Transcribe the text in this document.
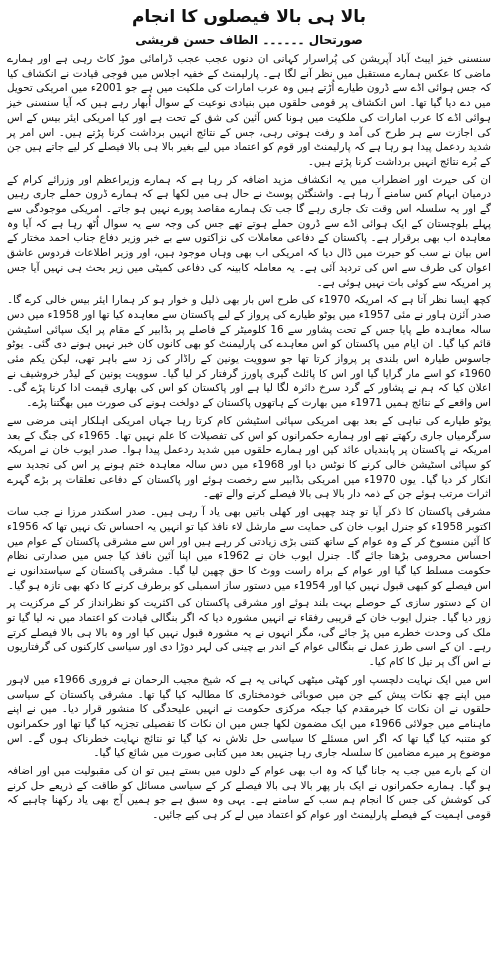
بالا ہی بالا فیصلوں کا انجام
صورتحال ۔۔۔۔۔۔ الطاف حسن قریشی

سنسنی خیز ایبٹ آباد آپریشن کی پُراسرار کہانی ان دنوں عجب عجب ڈرامائی موڑ کاٹ رہی ہے اور ہمارے ماضی کا عکس ہمارے مستقبل میں نظر آنے لگا ہے۔ پارلیمنٹ کے خفیہ اجلاس میں فوجی قیادت نے انکشاف کیا کہ جس ہوائی اڈے سے ڈرون طیارے اُڑتے ہیں وہ عرب امارات کی ملکیت میں ہے جو 2001ء میں امریکی تحویل میں دے دیا گیا تھا۔ اس انکشاف پر قومی حلقوں میں بنیادی نوعیت کے سوال اُبھار رہے ہیں کہ آیا سنسنی خیز ہوائی اڈے کا عرب امارات کی ملکیت میں ہونا کس آئین کی شق کے تحت ہے اور کیا امریکی ایئر بیس کے اس کی اجازت سے ہر طرح کی آمد و رفت ہوتی رہی، جس کے نتائج انہیں برداشت کرنا پڑتے ہیں۔ اس امر پر شدید ردعمل پیدا ہو رہا ہے کہ پارلیمنٹ اور قوم کو اعتماد میں لیے بغیر بالا ہی بالا فیصلے کر لیے جاتے ہیں جن کے بُرے نتائج انہیں برداشت کرنا پڑتے ہیں۔

ان کی حیرت اور اضطراب میں یہ انکشاف مزید اضافہ کر رہا ہے کہ ہمارے وزیراعظم اور وزرائے کرام کے درمیان ابہام کس سامنے آ رہا ہے۔ واشنگٹن پوسٹ نے حال ہی میں لکھا ہے کہ ہمارے ڈرون حملے جاری رہیں گے اور یہ سلسلہ اس وقت تک جاری رہے گا جب تک ہمارے مقاصد پورے نہیں ہو جاتے۔ امریکی موجودگی سے پہلے بلوچستان کے ایک ہوائی اڈے سے ڈرون حملے ہوتے تھے جس کی وجہ سے یہ سوال اُٹھ رہا ہے کہ آیا وہ معاہدہ اب بھی برقرار ہے۔ پاکستان کے دفاعی معاملات کی نزاکتوں سے بے خبر وزیر دفاع جناب احمد مختار کے اس بیان نے سب کو حیرت میں ڈال دیا کہ امریکی اب بھی وہاں موجود ہیں، اور وزیر اطلاعات فردوس عاشق اعوان کی طرف سے اس کی تردید آئی ہے۔ یہ معاملہ کابینہ کی دفاعی کمیٹی میں زیر بحث ہی نہیں آیا جس پر امریکہ سے کوئی بات نہیں ہوئی ہے۔

کچھ ایسا نظر آتا ہے کہ امریکہ 1970ء کی طرح اس بار بھی ذلیل و خوار ہو کر ہمارا ایئر بیس خالی کرے گا۔ صدر آئزن ہاور نے مئی 1957ء میں یوٹو طیارے کی پرواز کے لیے پاکستان سے معاہدہ کیا تھا اور 1958ء میں دس سالہ معاہدہ طے پایا جس کے تحت پشاور سے 16 کلومیٹر کے فاصلے پر بڈابیر کے مقام پر ایک سپائی اسٹیشن قائم کیا گیا۔ ان ایام میں پاکستان کو اس معاہدے کی پارلیمنٹ کو بھی کانوں کان خبر نہیں ہونے دی گئی۔ یوٹو جاسوس طیارہ اس بلندی پر پرواز کرتا تھا جو سوویت یونین کے راڈار کی زد سے باہر تھی، لیکن یکم مئی 1960ء کو اسے مار گرایا گیا اور اس کا پائلٹ گیری پاورز گرفتار کر لیا گیا۔ سوویت یونین کے لیڈر خروشیف نے اعلان کیا کہ ہم نے پشاور کے گرد سرخ دائرہ لگا لیا ہے اور پاکستان کو اس کی بھاری قیمت ادا کرنا پڑے گی۔ اس واقعے کے نتائج ہمیں 1971ء میں بھارت کے ہاتھوں پاکستان کے دولخت ہونے کی صورت میں بھگتنا پڑے۔

یوٹو طیارے کی تباہی کے بعد بھی امریکی سپائی اسٹیشن کام کرتا رہا جہاں امریکی اہلکار اپنی مرضی سے سرگرمیاں جاری رکھتے تھے اور ہمارے حکمرانوں کو اس کی تفصیلات کا علم نہیں تھا۔ 1965ء کی جنگ کے بعد امریکہ نے پاکستان پر پابندیاں عائد کیں اور ہمارے حلقوں میں شدید ردعمل پیدا ہوا۔ صدر ایوب خان نے امریکہ کو سپائی اسٹیشن خالی کرنے کا نوٹس دیا اور 1968ء میں دس سالہ معاہدہ ختم ہونے پر اس کی تجدید سے انکار کر دیا گیا۔ یوں 1970ء میں امریکی بڈابیر سے رخصت ہوئے اور پاکستان کے دفاعی تعلقات پر بڑے گہرے اثرات مرتب ہوئے جن کے ذمہ دار بالا ہی بالا فیصلے کرنے والے تھے۔

مشرقی پاکستان کا ذکر آیا تو چند چھپی اور کھلی باتیں بھی یاد آ رہی ہیں۔ صدر اسکندر مرزا نے جب سات اکتوبر 1958ء کو جنرل ایوب خان کی حمایت سے مارشل لاء نافذ کیا تو انہیں یہ احساس تک نہیں تھا کہ 1956ء کا آئین منسوخ کر کے وہ عوام کے ساتھ کتنی بڑی زیادتی کر رہے ہیں اور اس سے مشرقی پاکستان کے عوام میں احساس محرومی بڑھتا جائے گا۔ جنرل ایوب خان نے 1962ء میں اپنا آئین نافذ کیا جس میں صدارتی نظام حکومت مسلط کیا گیا اور عوام کے براہ راست ووٹ کا حق چھین لیا گیا۔ مشرقی پاکستان کے سیاستدانوں نے اس فیصلے کو کبھی قبول نہیں کیا اور 1954ء میں دستور ساز اسمبلی کو برطرف کرنے کا دکھ بھی تازہ ہو گیا۔

ان کے دستور سازی کے حوصلے بہت بلند ہوئے اور مشرقی پاکستان کی اکثریت کو نظرانداز کر کے مرکزیت پر زور دیا گیا۔ جنرل ایوب خان کے قریبی رفقاء نے انہیں مشورہ دیا کہ اگر بنگالی قیادت کو اعتماد میں نہ لیا گیا تو ملک کی وحدت خطرے میں پڑ جائے گی، مگر انہوں نے یہ مشورہ قبول نہیں کیا اور وہ بالا ہی بالا فیصلے کرتے رہے۔ ان کے اسی طرز عمل نے بنگالی عوام کے اندر بے چینی کی لہر دوڑا دی اور سیاسی کارکنوں کی گرفتاریوں نے اس آگ پر تیل کا کام کیا۔

اس میں ایک نہایت دلچسپ اور کھٹی میٹھی کہانی یہ ہے کہ شیخ مجیب الرحمان نے فروری 1966ء میں لاہور میں اپنے چھ نکات پیش کیے جن میں صوبائی خودمختاری کا مطالبہ کیا گیا تھا۔ مشرقی پاکستان کے سیاسی حلقوں نے ان نکات کا خیرمقدم کیا جبکہ مرکزی حکومت نے انہیں علیحدگی کا منشور قرار دیا۔ میں نے اپنے ماہنامے میں جولائی 1966ء میں ایک مضمون لکھا جس میں ان نکات کا تفصیلی تجزیہ کیا گیا تھا اور حکمرانوں کو متنبہ کیا گیا تھا کہ اگر اس مسئلے کا سیاسی حل تلاش نہ کیا گیا تو نتائج نہایت خطرناک ہوں گے۔ اس موضوع پر میرے مضامین کا سلسلہ جاری رہا جنہیں بعد میں کتابی صورت میں شائع کیا گیا۔

ان کے بارے میں جب یہ جانا گیا کہ وہ اب بھی عوام کے دلوں میں بستے ہیں تو ان کی مقبولیت میں اور اضافہ ہو گیا۔ ہمارے حکمرانوں نے ایک بار پھر بالا ہی بالا فیصلے کر کے سیاسی مسائل کو طاقت کے ذریعے حل کرنے کی کوشش کی جس کا انجام ہم سب کے سامنے ہے۔ یہی وہ سبق ہے جو ہمیں آج بھی یاد رکھنا چاہیے کہ قومی اہمیت کے فیصلے پارلیمنٹ اور عوام کو اعتماد میں لے کر ہی کیے جائیں۔
